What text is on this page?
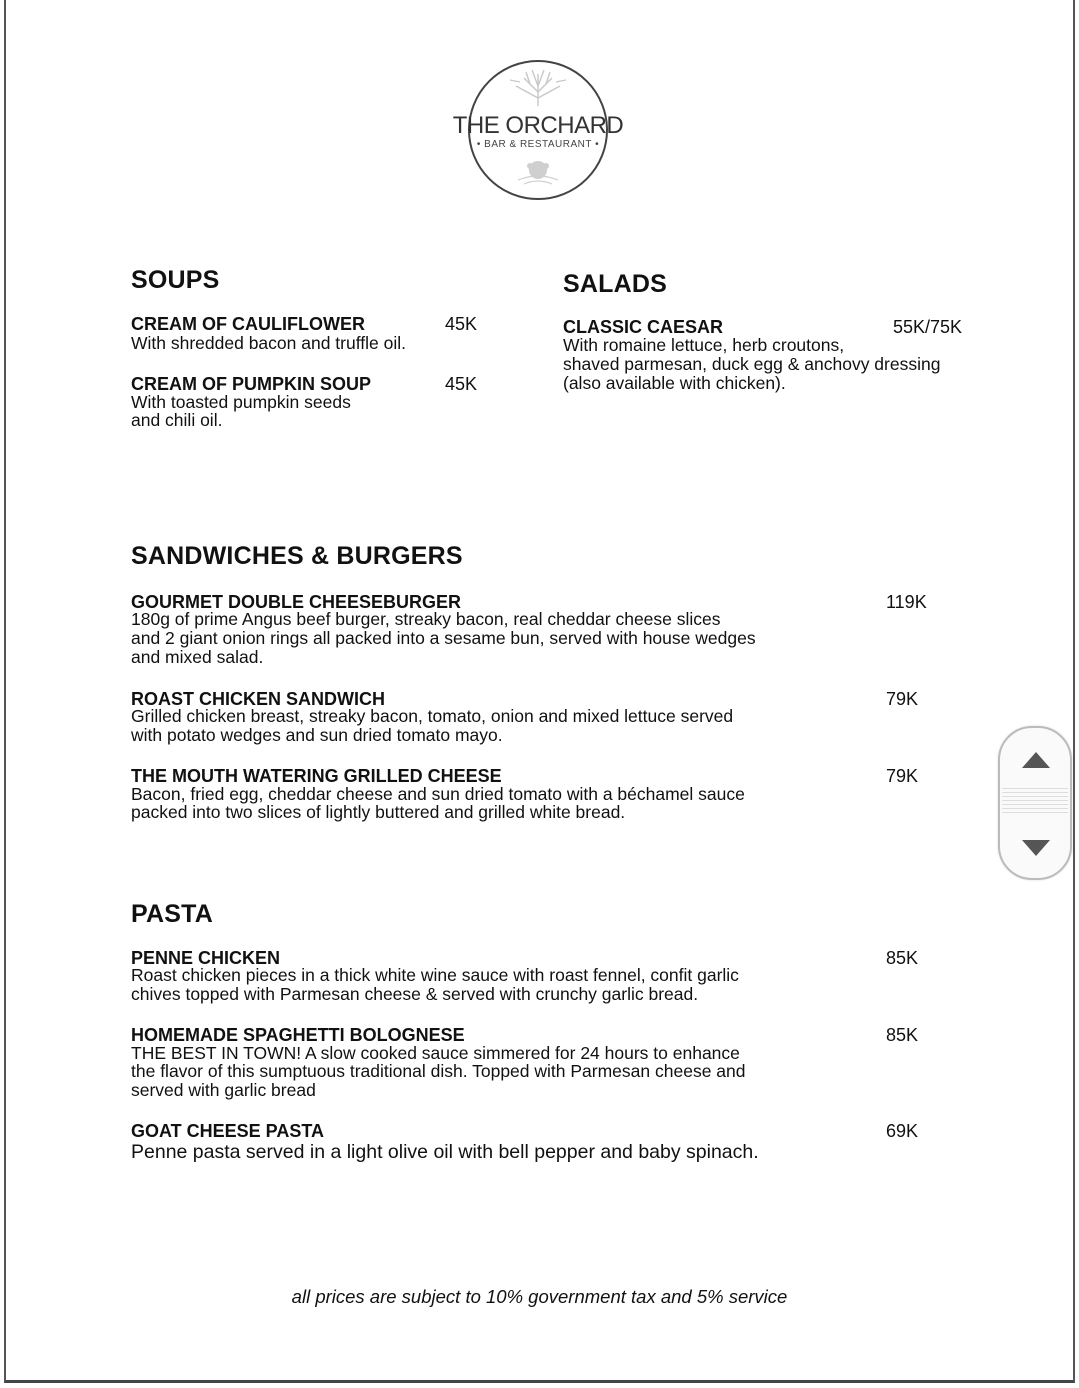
THE ORCHARD
• BAR & RESTAURANT •
SOUPS
CREAM OF CAULIFLOWER	45K
With shredded bacon and truffle oil.
CREAM OF PUMPKIN SOUP	45K
With toasted pumpkin seeds
and chili oil.
SALADS
CLASSIC CAESAR	55K/75K
With romaine lettuce, herb croutons,
shaved parmesan, duck egg & anchovy dressing
(also available with chicken).
SANDWICHES & BURGERS
GOURMET DOUBLE CHEESEBURGER	119K
180g of prime Angus beef burger, streaky bacon, real cheddar cheese slices
and 2 giant onion rings all packed into a sesame bun, served with house wedges
and mixed salad.
ROAST CHICKEN SANDWICH	79K
Grilled chicken breast, streaky bacon, tomato, onion and mixed lettuce served
with potato wedges and sun dried tomato mayo.
THE MOUTH WATERING GRILLED CHEESE	79K
Bacon, fried egg, cheddar cheese and sun dried tomato with a béchamel sauce
packed into two slices of lightly buttered and grilled white bread.
PASTA
PENNE CHICKEN	85K
Roast chicken pieces in a thick white wine sauce with roast fennel, confit garlic
chives topped with Parmesan cheese & served with crunchy garlic bread.
HOMEMADE SPAGHETTI BOLOGNESE	85K
THE BEST IN TOWN! A slow cooked sauce simmered for 24 hours to enhance
the flavor of this sumptuous traditional dish. Topped with Parmesan cheese and
served with garlic bread
GOAT CHEESE PASTA	69K
Penne pasta served in a light olive oil with bell pepper and baby spinach.
all prices are subject to 10% government tax and 5% service
